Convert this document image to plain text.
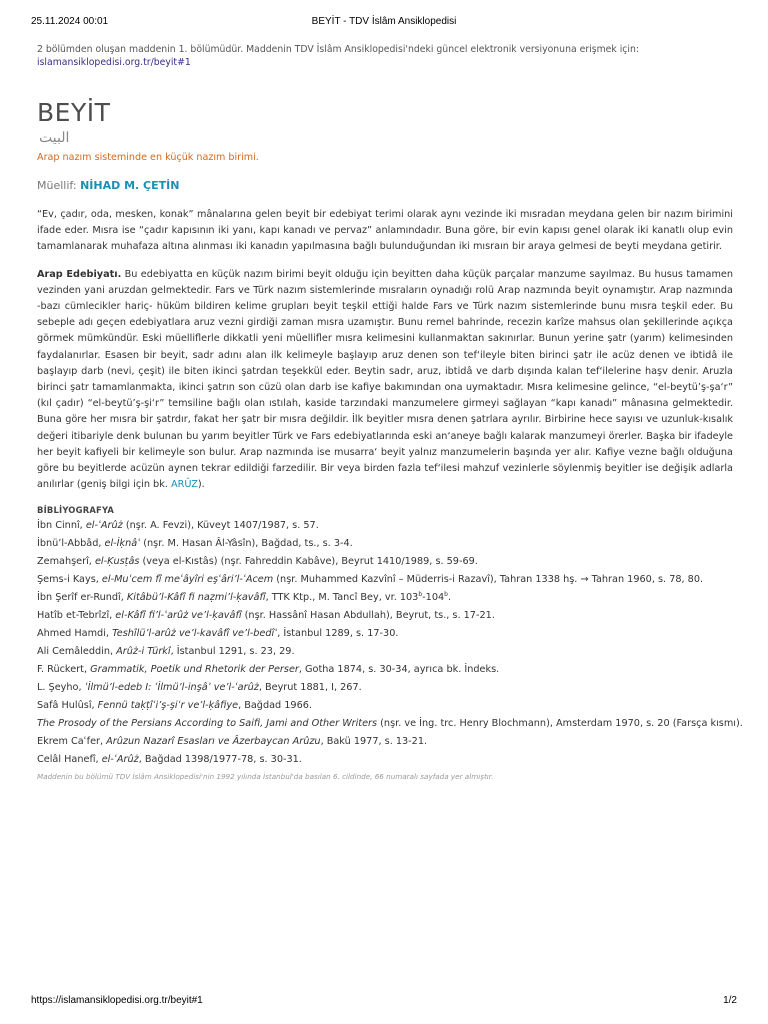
25.11.2024 00:01	BEYİT - TDV İslâm Ansiklopedisi
2 bölümden oluşan maddenin 1. bölümüdür. Maddenin TDV İslâm Ansiklopedisi'ndeki güncel elektronik versiyonuna erişmek için:
islamansiklopedisi.org.tr/beyit#1
BEYİT
البيت
Arap nazım sisteminde en küçük nazım birimi.
Müellif: NİHAD M. ÇETİN

“Ev, çadır, oda, mesken, konak” mânalarına gelen beyit bir edebiyat terimi olarak aynı vezinde iki mısradan meydana gelen bir nazım birimini ifade eder. Mısra ise “çadır kapısının iki yanı, kapı kanadı ve pervaz” anlamındadır. Buna göre, bir evin kapısı genel olarak iki kanatlı olup evin tamamlanarak muhafaza altına alınması iki kanadın yapılmasına bağlı bulunduğundan iki mısraın bir araya gelmesi de beyti meydana getirir.

Arap Edebiyatı. Bu edebiyatta en küçük nazım birimi beyit olduğu için beyitten daha küçük parçalar manzume sayılmaz. Bu husus tamamen vezinden yani aruzdan gelmektedir. Fars ve Türk nazım sistemlerinde mısraların oynadığı rolü Arap nazmında beyit oynamıştır. Arap nazmında -bazı cümlecikler hariç- hüküm bildiren kelime grupları beyit teşkil ettiği halde Fars ve Türk nazım sistemlerinde bunu mısra teşkil eder. Bu sebeple adı geçen edebiyatlara aruz vezni girdiği zaman mısra uzamıştır. Bunu remel bahrinde, recezin karîze mahsus olan şekillerinde açıkça görmek mümkündür. Eski müelliflerle dikkatli yeni müellifler mısra kelimesini kullanmaktan sakınırlar. Bunun yerine şatr (yarım) kelimesinden faydalanırlar. Esasen bir beyit, sadr adını alan ilk kelimeyle başlayıp aruz denen son tef‘ileyle biten birinci şatr ile acüz denen ve ibtidâ ile başlayıp darb (nevi, çeşit) ile biten ikinci şatrdan teşekkül eder. Beytin sadr, aruz, ibtidâ ve darb dışında kalan tef‘ilelerine haşv denir. Aruzla birinci şatr tamamlanmakta, ikinci şatrın son cüzü olan darb ise kafiye bakımından ona uymaktadır. Mısra kelimesine gelince, “el-beytü’ş-şa‘r” (kıl çadır) “el-beytü’ş-şi‘r” temsiline bağlı olan ıstılah, kaside tarzındaki manzumelere girmeyi sağlayan “kapı kanadı” mânasına gelmektedir. Buna göre her mısra bir şatrdır, fakat her şatr bir mısra değildir. İlk beyitler mısra denen şatrlara ayrılır. Birbirine hece sayısı ve uzunluk-kısalık değeri itibariyle denk bulunan bu yarım beyitler Türk ve Fars edebiyatlarında eski an‘aneye bağlı kalarak manzumeyi örerler. Başka bir ifadeyle her beyit kafiyeli bir kelimeyle son bulur. Arap nazmında ise musarra‘ beyit yalnız manzumelerin başında yer alır. Kafiye vezne bağlı olduğuna göre bu beyitlerde acüzün aynen tekrar edildiği farzedilir. Bir veya birden fazla tef‘ilesi mahzuf vezinlerle söylenmiş beyitler ise değişik adlarla anılırlar (geniş bilgi için bk. ARÛZ).

BİBLİYOGRAFYA
İbn Cinnî, el-ʿArûż (nşr. A. Fevzi), Küveyt 1407/1987, s. 57.
İbnü’l-Abbâd, el-İḳnâʿ (nşr. M. Hasan Âl-Yâsîn), Bağdad, ts., s. 3-4.
Zemahşerî, el-Ḳusṭâs (veya el-Kıstâs) (nşr. Fahreddin Kabâve), Beyrut 1410/1989, s. 59-69.
Şems-i Kays, el-Muʿcem fî meʿâyîri eşʿâri’l-ʿAcem (nşr. Muhammed Kazvînî – Müderris-i Razavî), Tahran 1338 hş. → Tahran 1960, s. 78, 80.
İbn Şerîf er-Rundî, Kitâbü’l-Kâfî fi naẓmi’l-ḳavâfî, TTK Ktp., M. Tancî Bey, vr. 103$^b$-104$^b$.
Hatîb et-Tebrîzî, el-Kâfî fi’l-ʿarûż ve’l-ḳavâfî (nşr. Hassânî Hasan Abdullah), Beyrut, ts., s. 17-21.
Ahmed Hamdi, Teshîlü’l-arûż ve’l-kavâfî ve’l-bedîʿ, İstanbul 1289, s. 17-30.
Ali Cemâleddin, Arûż-i Türkî, İstanbul 1291, s. 23, 29.
F. Rückert, Grammatik, Poetik und Rhetorik der Perser, Gotha 1874, s. 30-34, ayrıca bk. İndeks.
L. Şeyho, ʿİlmü’l-edeb I: ʿİlmü’l-inşâʾ ve’l-ʿarûż, Beyrut 1881, I, 267.
Safâ Hulûsî, Fennü taḳṭîʿi’ş-şiʿr ve’l-ḳâfiye, Bağdad 1966.
The Prosody of the Persians According to Saifi, Jami and Other Writers (nşr. ve İng. trc. Henry Blochmann), Amsterdam 1970, s. 20 (Farsça kısmı).
Ekrem Caʿfer, Arûzun Nazarî Esasları ve Âzerbaycan Arûzu, Bakü 1977, s. 13-21.
Celâl Hanefî, el-ʿArûż, Bağdad 1398/1977-78, s. 30-31.
Maddenin bu bölümü TDV İslâm Ansiklopedisi'nin 1992 yılında İstanbul'da basılan 6. cildinde, 66 numaralı sayfada yer almıştır.
https://islamansiklopedisi.org.tr/beyit#1	1/2
